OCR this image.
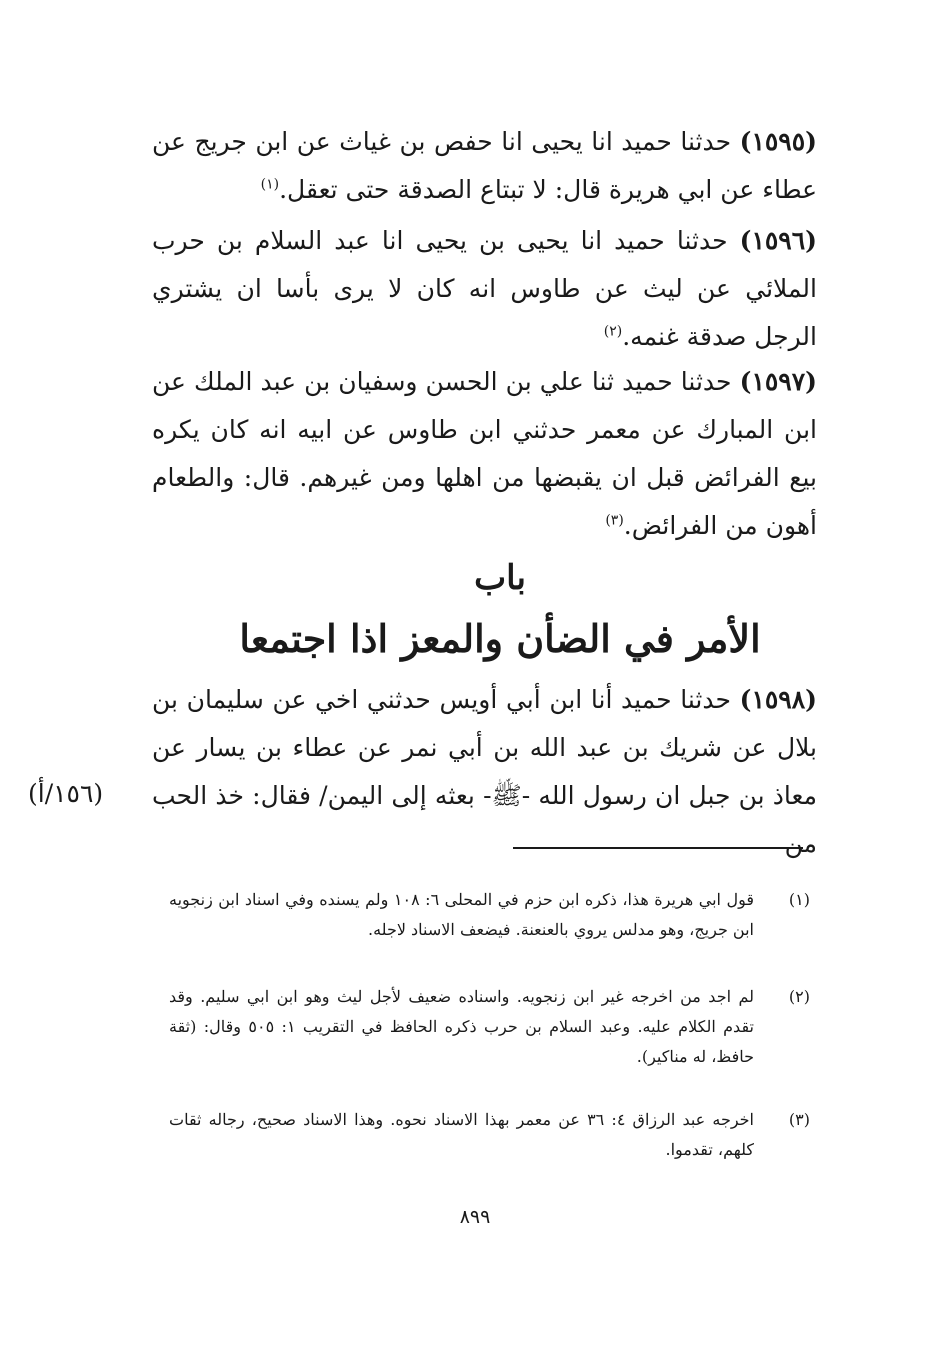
(١٥٩٥) حدثنا حميد انا يحيى انا حفص بن غياث عن ابن جريج عن عطاء عن ابي هريرة قال: لا تبتاع الصدقة حتى تعقل.$^{(١)}$
(١٥٩٦) حدثنا حميد انا يحيى بن يحيى انا عبد السلام بن حرب الملائي عن ليث عن طاوس انه كان لا يرى بأسا ان يشتري الرجل صدقة غنمه.$^{(٢)}$
(١٥٩٧) حدثنا حميد ثنا علي بن الحسن وسفيان بن عبد الملك عن ابن المبارك عن معمر حدثني ابن طاوس عن ابيه انه كان يكره بيع الفرائض قبل ان يقبضها من اهلها ومن غيرهم. قال: والطعام أهون من الفرائض.$^{(٣)}$
باب
الأمر في الضأن والمعز اذا اجتمعا
(١٥٩٨) حدثنا حميد أنا ابن أبي أويس حدثني اخي عن سليمان بن بلال عن شريك بن عبد الله بن أبي نمر عن عطاء بن يسار عن معاذ بن جبل ان رسول الله -ﷺ- بعثه إلى اليمن/ فقال: خذ الحب من
(١٥٦/أ)
(١)
قول ابي هريرة هذا، ذكره ابن حزم في المحلى ٦: ١٠٨ ولم يسنده وفي اسناد ابن زنجويه ابن جريج، وهو مدلس يروي بالعنعنة. فيضعف الاسناد لاجله.
(٢)
لم اجد من اخرجه غير ابن زنجويه. واسناده ضعيف لأجل ليث وهو ابن ابي سليم. وقد تقدم الكلام عليه. وعبد السلام بن حرب ذكره الحافظ في التقريب ١: ٥٠٥ وقال: (ثقة حافظ، له مناكير).
(٣)
اخرجه عبد الرزاق ٤: ٣٦ عن معمر بهذا الاسناد نحوه. وهذا الاسناد صحيح، رجاله ثقات كلهم، تقدموا.
٨٩٩
